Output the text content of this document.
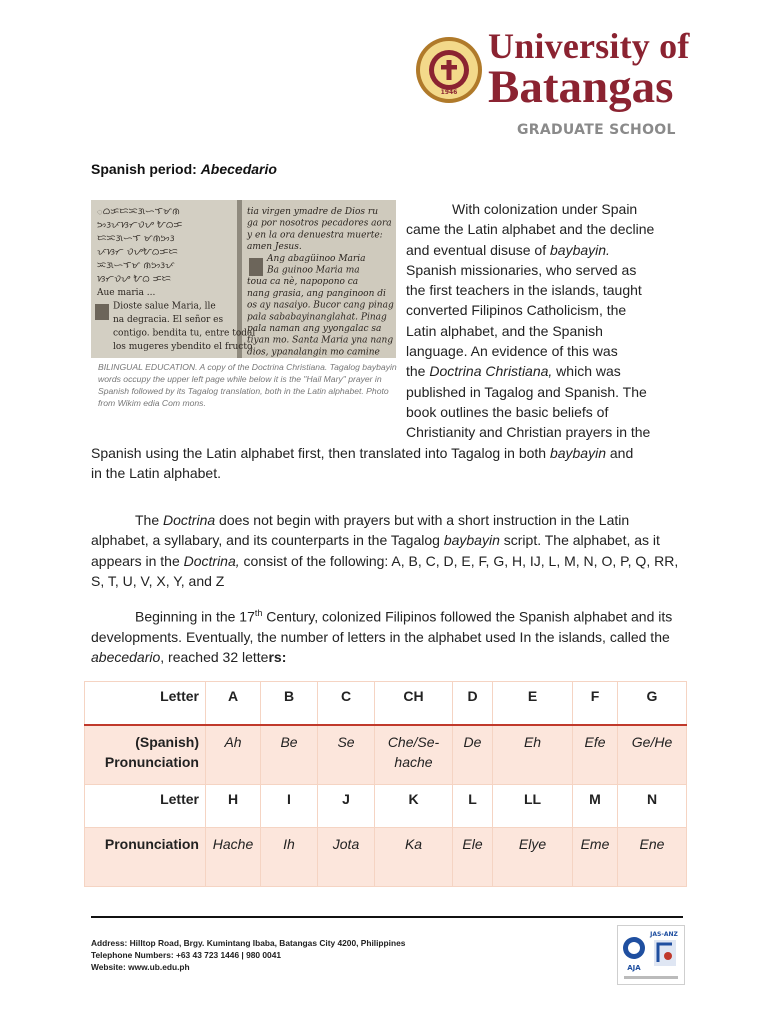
1946
University of
Batangas
GRADUATE SCHOOL
Spanish period: Abecedario
ᜀᜊᜃᜇᜁᜄᜑᜎᜋᜈ
ᜅᜂᜉᜐᜆᜏᜌ ᜀᜊᜃ
ᜇᜁᜄᜑᜎ ᜋᜈᜅᜂ
ᜉᜐᜆ ᜏᜌᜀᜊᜃᜇ
ᜁᜄᜑᜎᜋ ᜈᜅᜂᜉ
ᜐᜆᜏᜌ ᜀᜊ ᜃᜇ
Aue maria ...
Dioste salue Maria, lle
na degracia. El señor es
contigo. bendita tu, entre todal
los mugeres ybendito el fructo
tia virgen ymadre de Dios ru
ga por nosotros pecadores aora
y en la ora denuestra muerte:
amen Jesus.
Ang abagüinoo Maria
Ba guinoo Maria ma
toua ca nè, napopono ca
nang grasia, ang panginoon di
os ay nasaiyo. Bucor cang pinag
pala sababayinanglahat. Pinag
pala naman ang yyongalac sa
tiyan mo. Santa Maria yna nang
dios, ypanalangin mo camine
BILINGUAL EDUCATION. A copy of the Doctrina Christiana. Tagalog baybayin words occupy the upper left page while below it is the "Hail Mary" prayer in Spanish followed by its Tagalog translation, both in the Latin alphabet. Photo from Wikim edia Com mons.
With colonization under Spain
came the Latin alphabet and the decline
and eventual disuse of baybayin.
Spanish missionaries, who served as
the first teachers in the islands, taught
converted Filipinos Catholicism, the
Latin alphabet, and the Spanish
language. An evidence of this was
the Doctrina Christiana, which was
published in Tagalog and Spanish. The
book outlines the basic beliefs of
Christianity and Christian prayers in the
Spanish using the Latin alphabet first, then translated into Tagalog in both baybayin and
in the Latin alphabet.
The Doctrina does not begin with prayers but with a short instruction in the Latin alphabet, a syllabary, and its counterparts in the Tagalog baybayin script. The alphabet, as it appears in the Doctrina, consist of the following: A, B, C, D, E, F, G, H, IJ, L, M, N, O, P, Q, RR, S, T, U, V, X, Y, and Z
Beginning in the 17th Century, colonized Filipinos followed the Spanish alphabet and its developments. Eventually, the number of letters in the alphabet used In the islands, called the abecedario, reached 32 letters:
Letter	A	B	C	CH	D	E	F	G
(Spanish)
Pronunciation	Ah	Be	Se	Che/Se-hache	De	Eh	Efe	Ge/He
Letter	H	I	J	K	L	LL	M	N
Pronunciation	Hache	Ih	Jota	Ka	Ele	Elye	Eme	Ene
Address: Hilltop Road, Brgy. Kumintang Ibaba, Batangas City 4200, Philippines
Telephone Numbers: +63 43 723 1446 | 980 0041
Website: www.ub.edu.ph	AJA
JAS-ANZ
